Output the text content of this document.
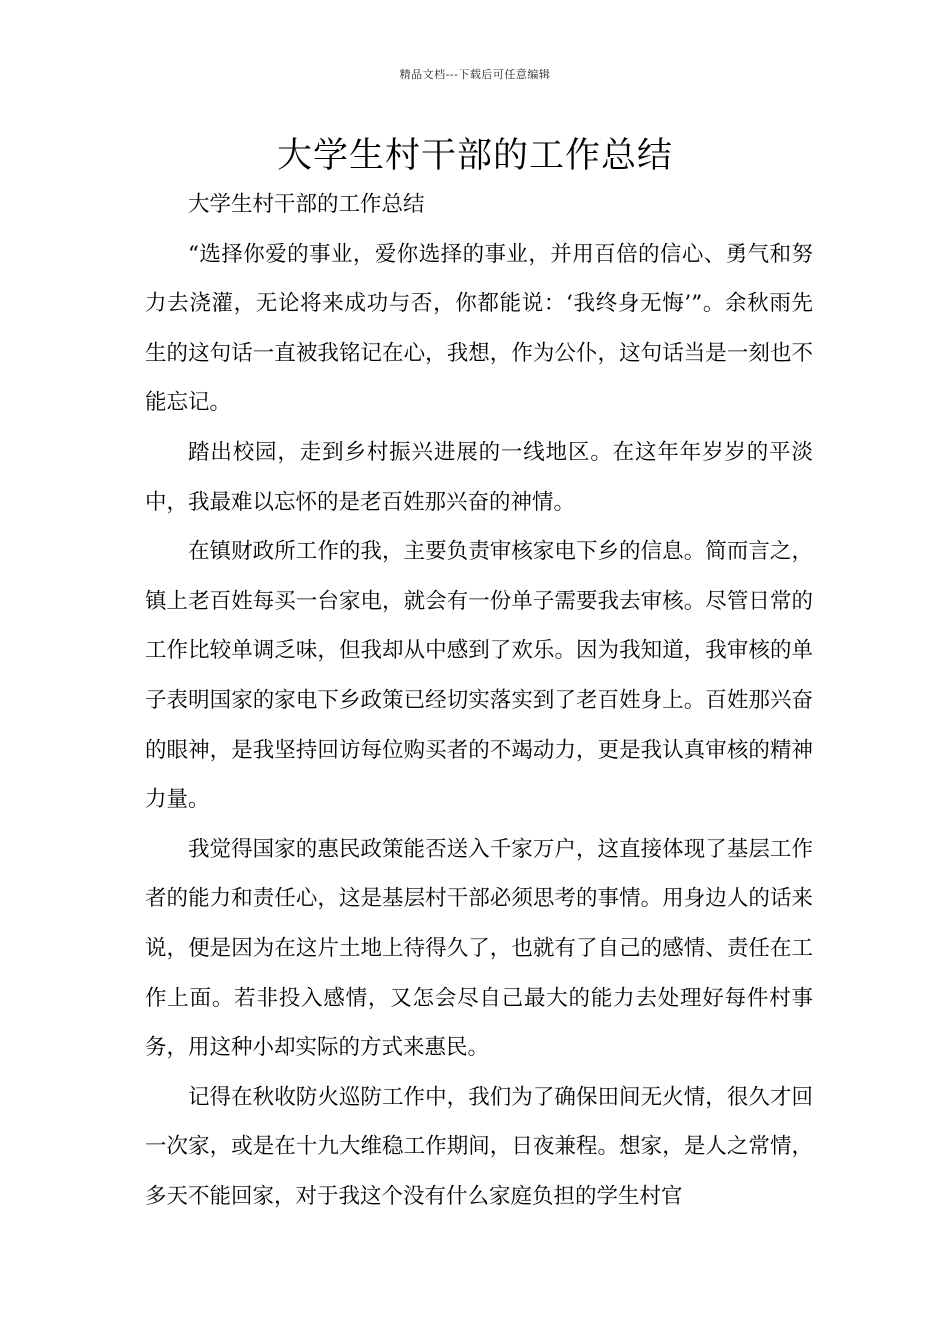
精品文档---下载后可任意编辑
大学生村干部的工作总结

大学生村干部的工作总结

“选择你爱的事业，爱你选择的事业，并用百倍的信心、勇气和努力去浇灌，无论将来成功与否，你都能说：‘我终身无悔’”。余秋雨先生的这句话一直被我铭记在心，我想，作为公仆，这句话当是一刻也不能忘记。

踏出校园，走到乡村振兴进展的一线地区。在这年年岁岁的平淡中，我最难以忘怀的是老百姓那兴奋的神情。

在镇财政所工作的我，主要负责审核家电下乡的信息。简而言之，镇上老百姓每买一台家电，就会有一份单子需要我去审核。尽管日常的工作比较单调乏味，但我却从中感到了欢乐。因为我知道，我审核的单子表明国家的家电下乡政策已经切实落实到了老百姓身上。百姓那兴奋的眼神，是我坚持回访每位购买者的不竭动力，更是我认真审核的精神力量。

我觉得国家的惠民政策能否送入千家万户，这直接体现了基层工作者的能力和责任心，这是基层村干部必须思考的事情。用身边人的话来说，便是因为在这片土地上待得久了，也就有了自己的感情、责任在工作上面。若非投入感情，又怎会尽自己最大的能力去处理好每件村事务，用这种小却实际的方式来惠民。

记得在秋收防火巡防工作中，我们为了确保田间无火情，很久才回一次家，或是在十九大维稳工作期间，日夜兼程。想家，是人之常情，多天不能回家，对于我这个没有什么家庭负担的学生村官
